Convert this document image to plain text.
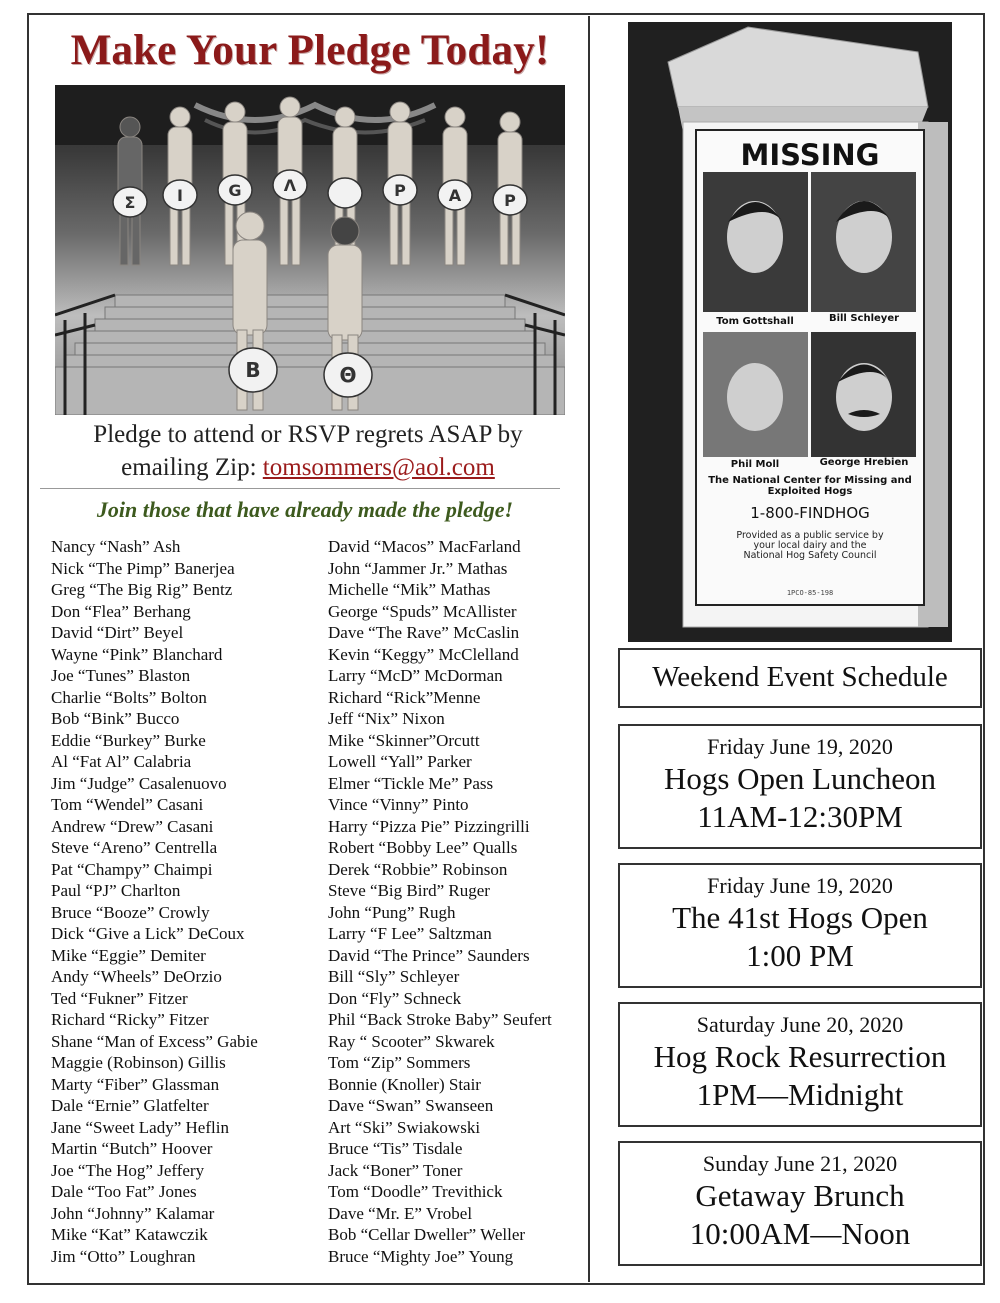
Make Your Pledge Today!
Σ	I	G	Λ	P	A	P
B	Θ
Pledge to attend or RSVP regrets ASAP by
emailing Zip: tomsommers@aol.com
Join those that have already made the pledge!
Nancy “Nash” Ash
Nick “The Pimp” Banerjea
Greg “The Big Rig” Bentz
Don “Flea” Berhang
David “Dirt” Beyel
Wayne “Pink” Blanchard
Joe “Tunes” Blaston
Charlie “Bolts” Bolton
Bob “Bink” Bucco
Eddie “Burkey” Burke
Al “Fat Al” Calabria
Jim “Judge” Casalenuovo
Tom “Wendel” Casani
Andrew “Drew” Casani
Steve “Areno” Centrella
Pat “Champy” Chaimpi
Paul “PJ” Charlton
Bruce “Booze” Crowly
Dick “Give a Lick” DeCoux
Mike “Eggie” Demiter
Andy “Wheels” DeOrzio
Ted “Fukner” Fitzer
Richard “Ricky” Fitzer
Shane “Man of Excess” Gabie
Maggie (Robinson) Gillis
Marty “Fiber” Glassman
Dale “Ernie” Glatfelter
Jane “Sweet Lady” Heflin
Martin “Butch” Hoover
Joe “The Hog” Jeffery
Dale “Too Fat” Jones
John “Johnny” Kalamar
Mike “Kat” Katawczik
Jim “Otto” Loughran
David “Macos” MacFarland
John “Jammer Jr.” Mathas
Michelle “Mik” Mathas
George “Spuds” McAllister
Dave “The Rave” McCaslin
Kevin “Keggy” McClelland
Larry “McD” McDorman
Richard “Rick”Menne
Jeff “Nix” Nixon
Mike “Skinner”Orcutt
Lowell “Yall” Parker
Elmer “Tickle Me” Pass
Vince “Vinny” Pinto
Harry “Pizza Pie” Pizzingrilli
Robert “Bobby Lee” Qualls
Derek “Robbie” Robinson
Steve “Big Bird” Ruger
John “Pung” Rugh
Larry “F Lee” Saltzman
David “The Prince” Saunders
Bill “Sly” Schleyer
Don “Fly” Schneck
Phil “Back Stroke Baby” Seufert
Ray “ Scooter” Skwarek
Tom “Zip” Sommers
Bonnie (Knoller) Stair
Dave “Swan” Swanseen
Art “Ski” Swiakowski
Bruce “Tis” Tisdale
Jack “Boner” Toner
Tom “Doodle” Trevithick
Dave “Mr. E” Vrobel
Bob “Cellar Dweller” Weller
Bruce “Mighty Joe” Young
MISSING
Tom Gottshall	Bill Schleyer
Phil Moll	George Hrebien
The National Center for Missing and
Exploited Hogs
1-800-FINDHOG
Provided as a public service by
your local dairy and the
National Hog Safety Council
1PCO-85-198
Weekend Event Schedule
Friday June 19, 2020
Hogs Open Luncheon
11AM-12:30PM
Friday June 19, 2020
The 41st Hogs Open
1:00 PM
Saturday June 20, 2020
Hog Rock Resurrection
1PM—Midnight
Sunday June 21, 2020
Getaway Brunch
10:00AM—Noon
